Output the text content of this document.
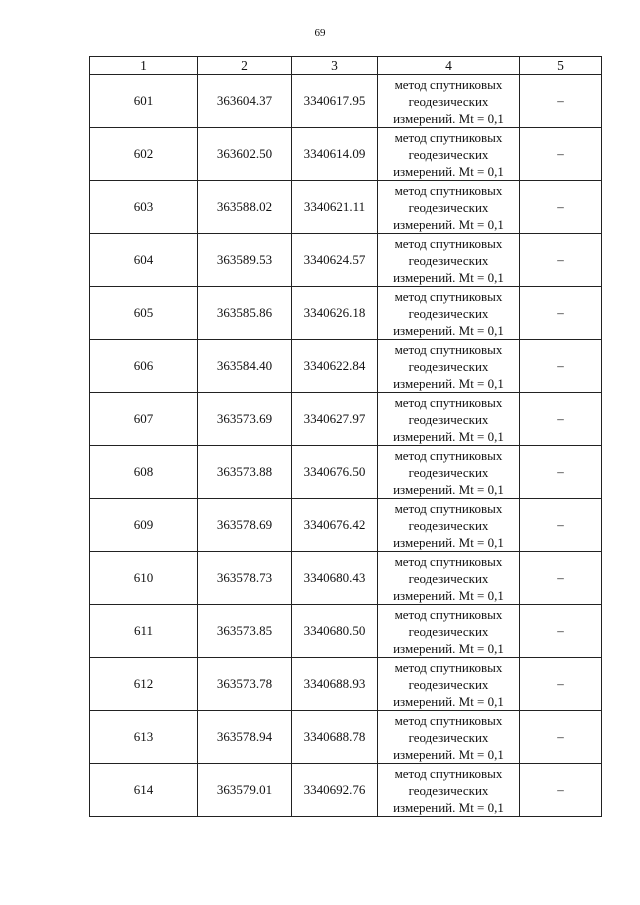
69
1	2	3	4	5
601	363604.37	3340617.95	метод спутниковых
геодезических
измерений. Mt = 0,1	–
602	363602.50	3340614.09	метод спутниковых
геодезических
измерений. Mt = 0,1	–
603	363588.02	3340621.11	метод спутниковых
геодезических
измерений. Mt = 0,1	–
604	363589.53	3340624.57	метод спутниковых
геодезических
измерений. Mt = 0,1	–
605	363585.86	3340626.18	метод спутниковых
геодезических
измерений. Mt = 0,1	–
606	363584.40	3340622.84	метод спутниковых
геодезических
измерений. Mt = 0,1	–
607	363573.69	3340627.97	метод спутниковых
геодезических
измерений. Mt = 0,1	–
608	363573.88	3340676.50	метод спутниковых
геодезических
измерений. Mt = 0,1	–
609	363578.69	3340676.42	метод спутниковых
геодезических
измерений. Mt = 0,1	–
610	363578.73	3340680.43	метод спутниковых
геодезических
измерений. Mt = 0,1	–
611	363573.85	3340680.50	метод спутниковых
геодезических
измерений. Mt = 0,1	–
612	363573.78	3340688.93	метод спутниковых
геодезических
измерений. Mt = 0,1	–
613	363578.94	3340688.78	метод спутниковых
геодезических
измерений. Mt = 0,1	–
614	363579.01	3340692.76	метод спутниковых
геодезических
измерений. Mt = 0,1	–
